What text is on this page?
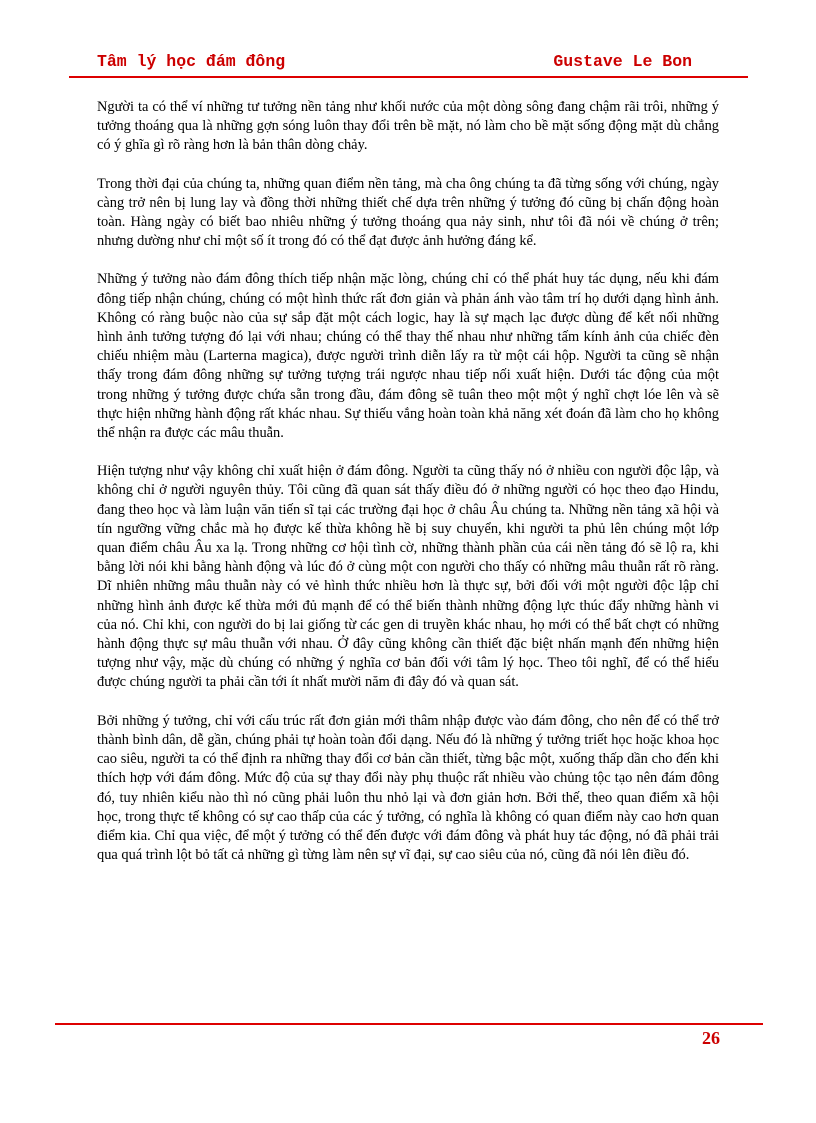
Tâm lý học đám đông	Gustave Le Bon

Người ta có thể ví những tư tưởng nền tảng như khối nước của một dòng sông đang chậm rãi trôi, những ý tưởng thoáng qua là những gợn sóng luôn thay đổi trên bề mặt, nó làm cho bề mặt sống động mặt dù chẳng có ý ghĩa gì rõ ràng hơn là bản thân dòng chảy.

Trong thời đại của chúng ta, những quan điểm nền tảng, mà cha ông chúng ta đã từng sống với chúng, ngày càng trở nên bị lung lay và đồng thời những thiết chế dựa trên những ý tưởng đó cũng bị chấn động hoàn toàn. Hàng ngày có biết bao nhiêu những ý tưởng thoáng qua nảy sinh, như tôi đã nói về chúng ở trên; nhưng dường như chỉ một số ít trong đó có thể đạt được ảnh hưởng đáng kể.

Những ý tưởng nào đám đông thích tiếp nhận mặc lòng, chúng chỉ có thể phát huy tác dụng, nếu khi đám đông tiếp nhận chúng, chúng có một hình thức rất đơn giản và phản ánh vào tâm trí họ dưới dạng hình ảnh. Không có ràng buộc nào của sự sắp đặt một cách logic, hay là sự mạch lạc được dùng để kết nối những hình ảnh tưởng tượng đó lại với nhau; chúng có thể thay thế nhau như những tấm kính ảnh của chiếc đèn chiếu nhiệm màu (Larterna magica), được người trình diễn lấy ra từ một cái hộp. Người ta cũng sẽ nhận thấy trong đám đông những sự tưởng tượng trái ngược nhau tiếp nối xuất hiện. Dưới tác động của một trong những ý tưởng được chứa sẵn trong đầu, đám đông sẽ tuân theo một một ý nghĩ chợt lóe lên và sẽ thực hiện những hành động rất khác nhau. Sự thiếu vắng hoàn toàn khả năng xét đoán đã làm cho họ không thể nhận ra được các mâu thuẫn.

Hiện tượng như vậy không chỉ xuất hiện ở đám đông. Người ta cũng thấy nó ở nhiều con người độc lập, và không chỉ ở người nguyên thủy. Tôi cũng đã quan sát thấy điều đó ở những người có học theo đạo Hindu, đang theo học và làm luận văn tiến sĩ tại các trường đại học ở châu Âu chúng ta. Những nền tảng xã hội và tín ngưỡng vững chắc mà họ được kế thừa không hề bị suy chuyển, khi người ta phủ lên chúng một lớp quan điểm châu Âu xa lạ. Trong những cơ hội tình cờ, những thành phần của cái nền tảng đó sẽ lộ ra, khi bằng lời nói khi bằng hành động và lúc đó ở cùng một con người cho thấy có những mâu thuẫn rất rõ ràng. Dĩ nhiên những mâu thuẫn này có vẻ hình thức nhiều hơn là thực sự, bởi đối với một người độc lập chỉ những hình ảnh được kế thừa mới đủ mạnh để có thể biến thành những động lực thúc đẩy những hành vi của nó. Chỉ khi, con người do bị lai giống từ các gen di truyền khác nhau, họ mới có thể bất chợt có những hành động thực sự mâu thuẫn với nhau. Ở đây cũng không cần thiết đặc biệt nhấn mạnh đến những hiện tượng như vậy, mặc dù chúng có những ý nghĩa cơ bản đối với tâm lý học. Theo tôi nghĩ, để có thể hiểu được chúng người ta phải cần tới ít nhất mười năm đi đây đó và quan sát.

Bởi những ý tưởng, chỉ với cấu trúc rất đơn giản mới thâm nhập được vào đám đông, cho nên để có thể trở thành bình dân, dễ gần, chúng phải tự hoàn toàn đổi dạng. Nếu đó là những ý tưởng triết học hoặc khoa học cao siêu, người ta có thể định ra những thay đổi cơ bản cần thiết, từng bậc một, xuống thấp dần cho đến khi thích hợp với đám đông. Mức độ của sự thay đổi này phụ thuộc rất nhiều vào chủng tộc tạo nên đám đông đó, tuy nhiên kiểu nào thì nó cũng phải luôn thu nhỏ lại và đơn giản hơn. Bởi thế, theo quan điểm xã hội học, trong thực tế không có sự cao thấp của các ý tưởng, có nghĩa là không có quan điểm này cao hơn quan điểm kia. Chỉ qua việc, để một ý tưởng có thể đến được với đám đông và phát huy tác động, nó đã phải trải qua quá trình lột bỏ tất cả những gì từng làm nên sự vĩ đại, sự cao siêu của nó, cũng đã nói lên điều đó.

26
